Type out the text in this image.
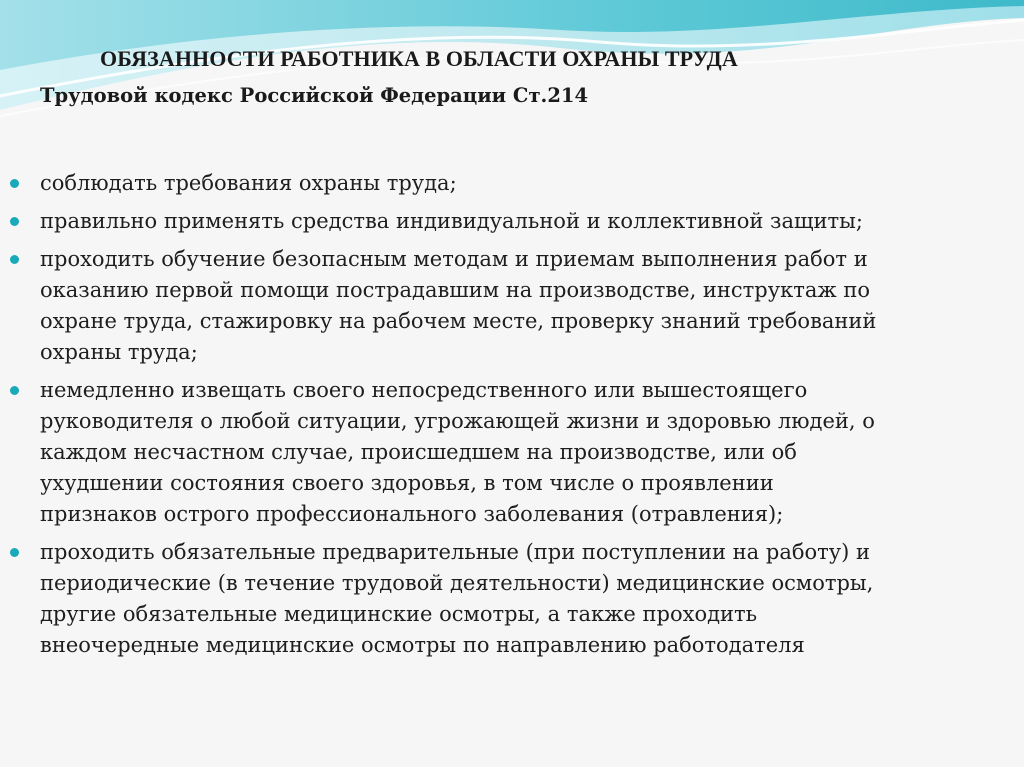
ОБЯЗАННОСТИ РАБОТНИКА В ОБЛАСТИ ОХРАНЫ ТРУДА
Трудовой кодекс Российской Федерации Ст.214
соблюдать требования охраны труда;
правильно применять средства индивидуальной и коллективной защиты;
проходить обучение безопасным методам и приемам выполнения работ и
оказанию первой помощи пострадавшим на производстве, инструктаж по
охране труда, стажировку на рабочем месте, проверку знаний требований
охраны труда;
немедленно извещать своего непосредственного или вышестоящего
руководителя о любой ситуации, угрожающей жизни и здоровью людей, о
каждом несчастном случае, происшедшем на производстве, или об
ухудшении состояния своего здоровья, в том числе о проявлении
признаков острого профессионального заболевания (отравления);
проходить обязательные предварительные (при поступлении на работу) и
периодические (в течение трудовой деятельности) медицинские осмотры,
другие обязательные медицинские осмотры, а также проходить
внеочередные медицинские осмотры по направлению работодателя
